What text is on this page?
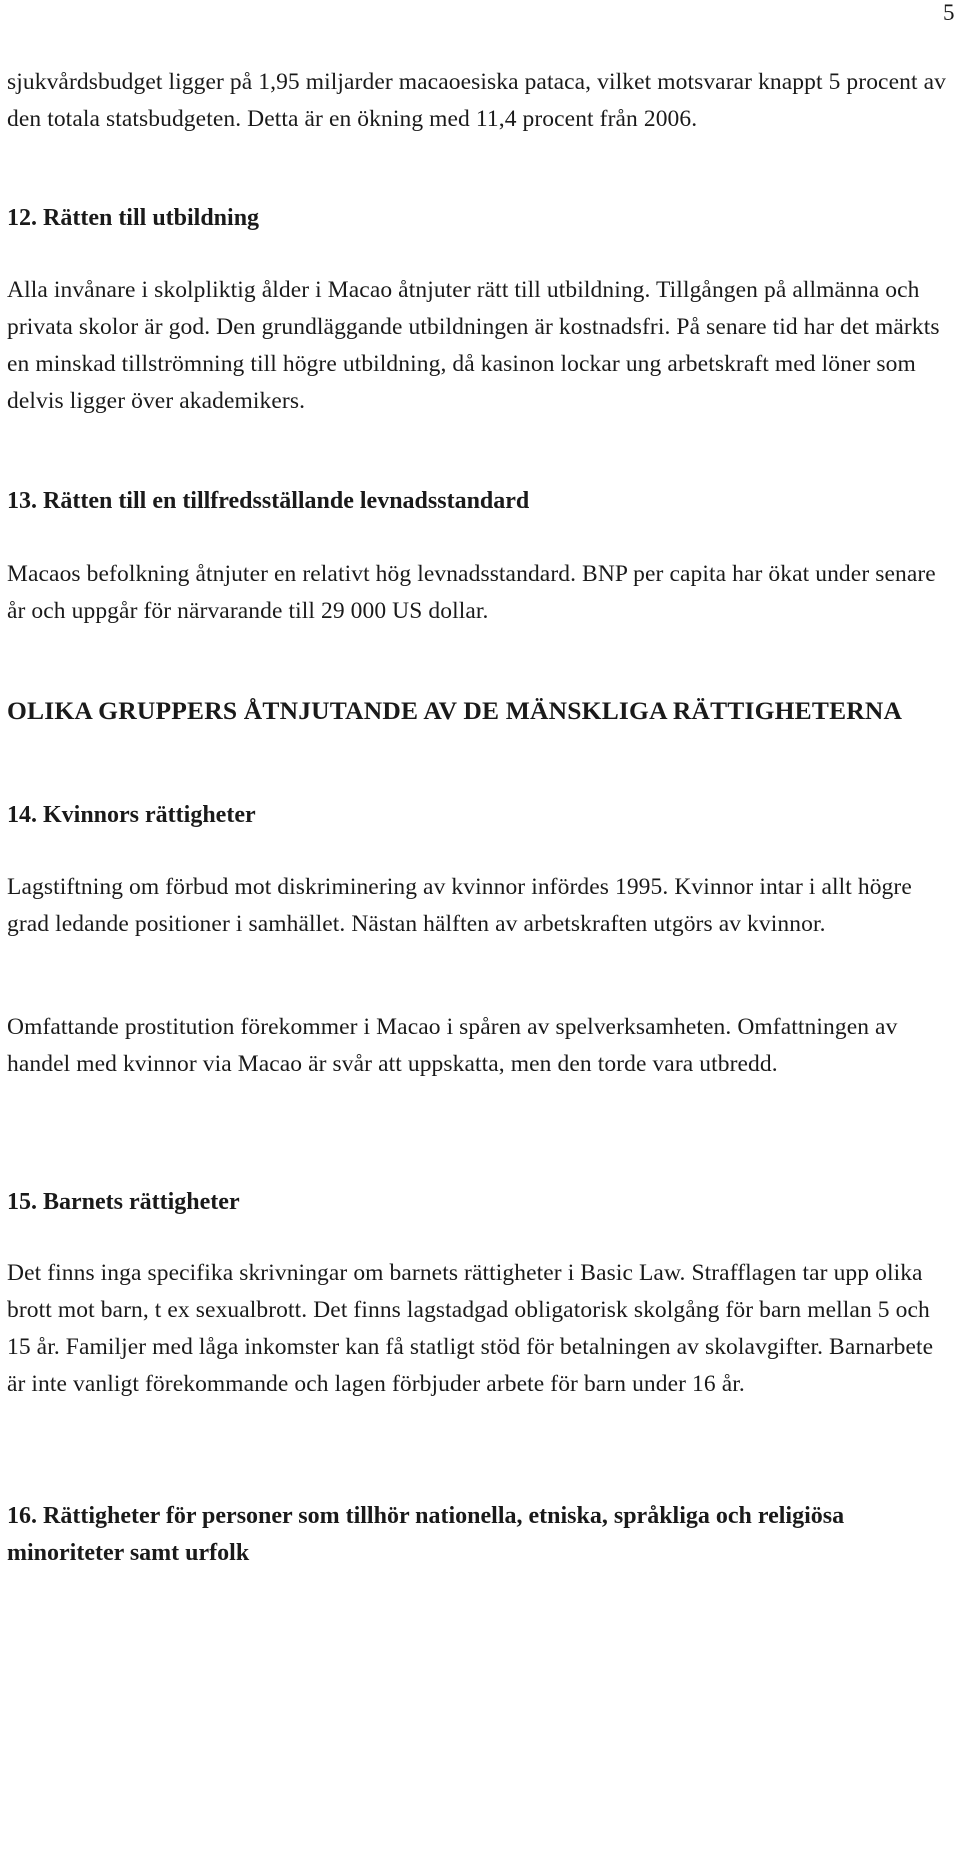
5

sjukvårdsbudget ligger på 1,95 miljarder macaoesiska pataca, vilket motsvarar knappt 5 procent av den totala statsbudgeten. Detta är en ökning med 11,4 procent från 2006.

12. Rätten till utbildning

Alla invånare i skolpliktig ålder i Macao åtnjuter rätt till utbildning. Tillgången på allmänna och privata skolor är god. Den grundläggande utbildningen är kostnadsfri. På senare tid har det märkts en minskad tillströmning till högre utbildning, då kasinon lockar ung arbetskraft med löner som delvis ligger över akademikers.

13. Rätten till en tillfredsställande levnadsstandard

Macaos befolkning åtnjuter en relativt hög levnadsstandard. BNP per capita har ökat under senare år och uppgår för närvarande till 29 000 US dollar.

OLIKA GRUPPERS ÅTNJUTANDE AV DE MÄNSKLIGA RÄTTIGHETERNA
14. Kvinnors rättigheter

Lagstiftning om förbud mot diskriminering av kvinnor infördes 1995. Kvinnor intar i allt högre grad ledande positioner i samhället. Nästan hälften av arbetskraften utgörs av kvinnor.

Omfattande prostitution förekommer i Macao i spåren av spelverksamheten. Omfattningen av handel med kvinnor via Macao är svår att uppskatta, men den torde vara utbredd.

15. Barnets rättigheter

Det finns inga specifika skrivningar om barnets rättigheter i Basic Law. Strafflagen tar upp olika brott mot barn, t ex sexualbrott. Det finns lagstadgad obligatorisk skolgång för barn mellan 5 och 15 år. Familjer med låga inkomster kan få statligt stöd för betalningen av skolavgifter. Barnarbete är inte vanligt förekommande och lagen förbjuder arbete för barn under 16 år.

16. Rättigheter för personer som tillhör nationella, etniska, språkliga och religiösa minoriteter samt urfolk
